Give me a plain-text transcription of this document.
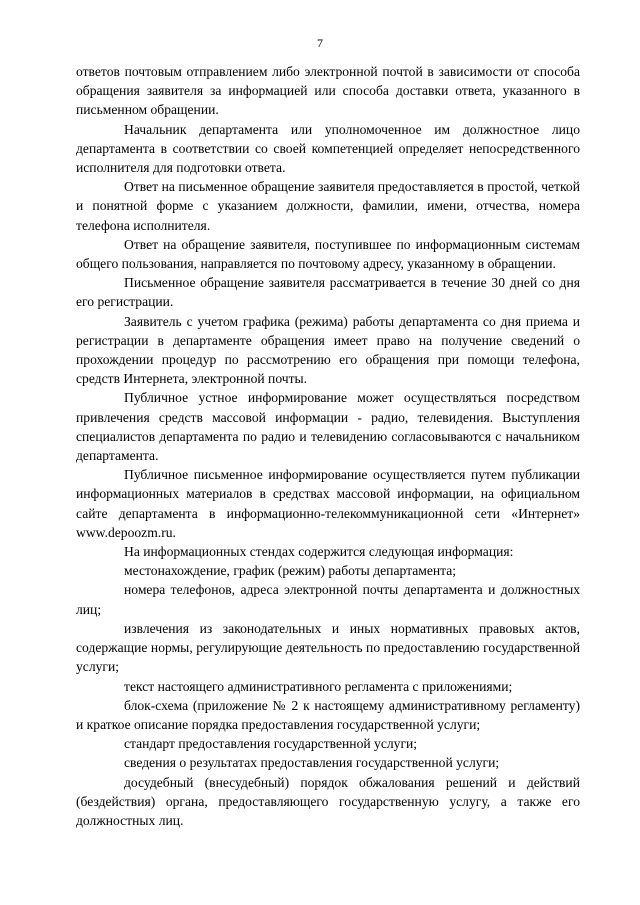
7

ответов почтовым отправлением либо электронной почтой в зависимости от способа обращения заявителя за информацией или способа доставки ответа, указанного в письменном обращении.

Начальник департамента или уполномоченное им должностное лицо департамента в соответствии со своей компетенцией определяет непосредственного исполнителя для подготовки ответа.

Ответ на письменное обращение заявителя предоставляется в простой, четкой и понятной форме с указанием должности, фамилии, имени, отчества, номера телефона исполнителя.

Ответ на обращение заявителя, поступившее по информационным системам общего пользования, направляется по почтовому адресу, указанному в обращении.

Письменное обращение заявителя рассматривается в течение 30 дней со дня его регистрации.

Заявитель с учетом графика (режима) работы департамента со дня приема и регистрации в департаменте обращения имеет право на получение сведений о прохождении процедур по рассмотрению его обращения при помощи телефона, средств Интернета, электронной почты.

Публичное устное информирование может осуществляться посредством привлечения средств массовой информации - радио, телевидения. Выступления специалистов департамента по радио и телевидению согласовываются с начальником департамента.

Публичное письменное информирование осуществляется путем публикации информационных материалов в средствах массовой информации, на официальном сайте департамента в информационно-телекоммуникационной сети «Интернет» www.depoozm.ru.

На информационных стендах содержится следующая информация:

местонахождение, график (режим) работы департамента;

номера телефонов, адреса электронной почты департамента и должностных лиц;

извлечения из законодательных и иных нормативных правовых актов, содержащие нормы, регулирующие деятельность по предоставлению государственной услуги;

текст настоящего административного регламента с приложениями;

блок-схема (приложение № 2 к настоящему административному регламенту) и краткое описание порядка предоставления государственной услуги;

стандарт предоставления государственной услуги;

сведения о результатах предоставления государственной услуги;

досудебный (внесудебный) порядок обжалования решений и действий (бездействия) органа, предоставляющего государственную услугу, а также его должностных лиц.
